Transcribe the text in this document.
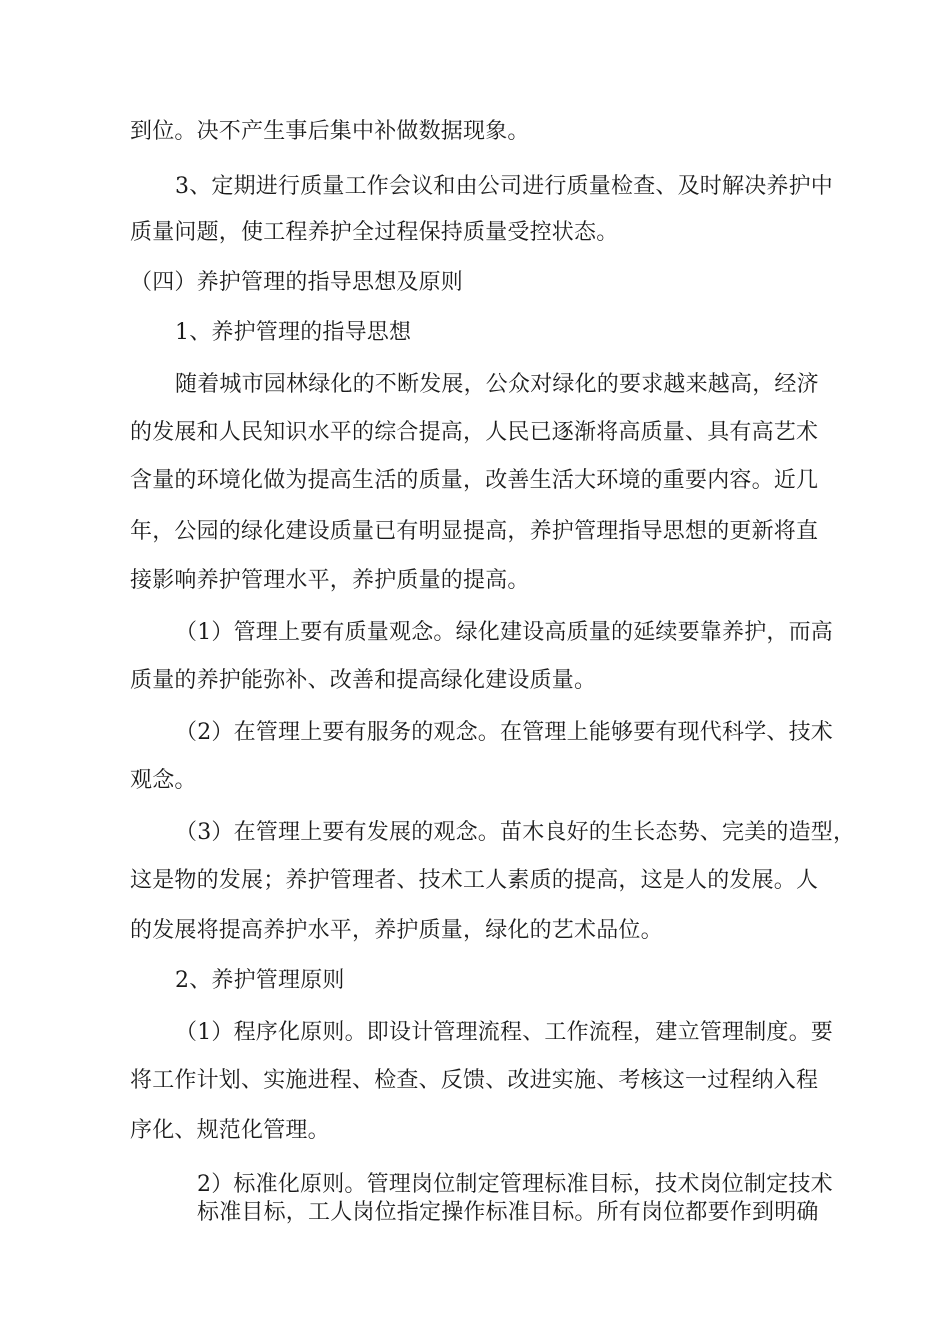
到位。决不产生事后集中补做数据现象。
3、定期进行质量工作会议和由公司进行质量检查、及时解决养护中
质量问题，使工程养护全过程保持质量受控状态。
（四）养护管理的指导思想及原则
1、养护管理的指导思想
随着城市园林绿化的不断发展，公众对绿化的要求越来越高，经济
的发展和人民知识水平的综合提高，人民已逐渐将高质量、具有高艺术
含量的环境化做为提高生活的质量，改善生活大环境的重要内容。近几
年，公园的绿化建设质量已有明显提高，养护管理指导思想的更新将直
接影响养护管理水平，养护质量的提高。
（1）管理上要有质量观念。绿化建设高质量的延续要靠养护，而高
质量的养护能弥补、改善和提高绿化建设质量。
（2）在管理上要有服务的观念。在管理上能够要有现代科学、技术
观念。
（3）在管理上要有发展的观念。苗木良好的生长态势、完美的造型，
这是物的发展；养护管理者、技术工人素质的提高，这是人的发展。人
的发展将提高养护水平，养护质量，绿化的艺术品位。
2、养护管理原则
（1）程序化原则。即设计管理流程、工作流程，建立管理制度。要
将工作计划、实施进程、检查、反馈、改进实施、考核这一过程纳入程
序化、规范化管理。
2）标准化原则。管理岗位制定管理标准目标，技术岗位制定技术
标准目标，工人岗位指定操作标准目标。所有岗位都要作到明确
